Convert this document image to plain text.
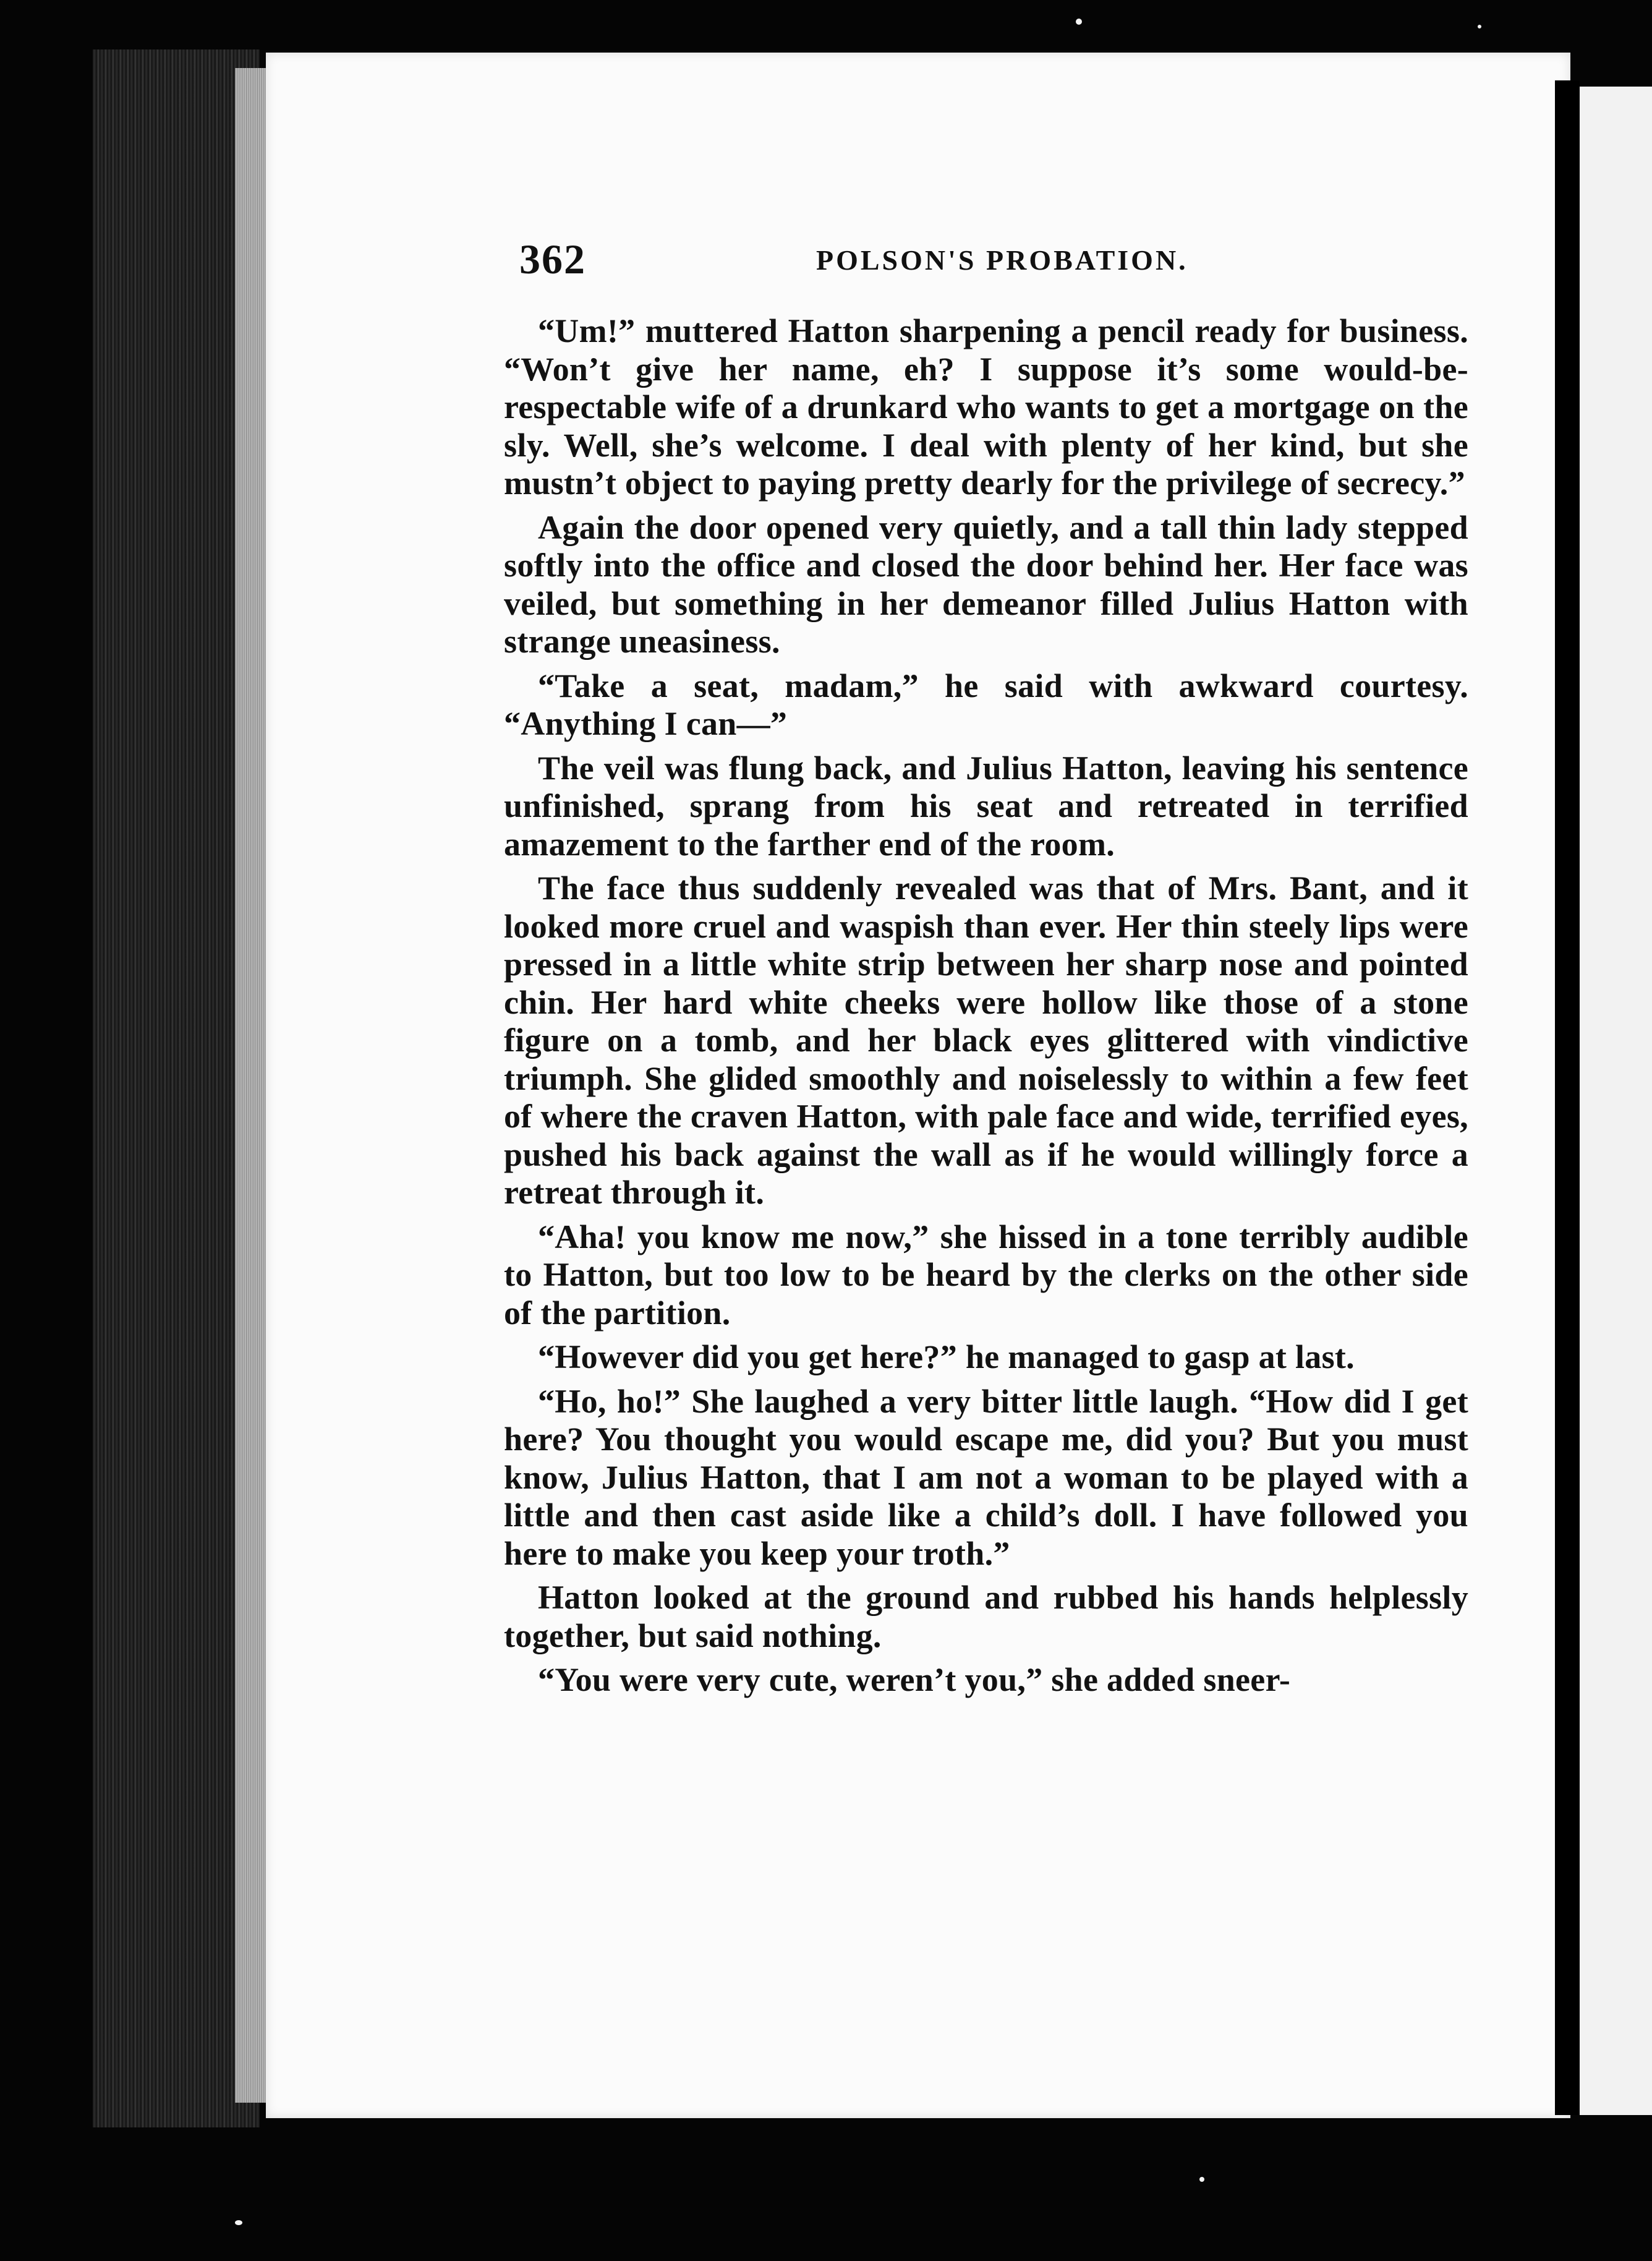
362	POLSON'S PROBATION.

“Um!” muttered Hatton sharpening a pencil ready for business. “Won’t give her name, eh? I suppose it’s some would-be-respectable wife of a drunkard who wants to get a mortgage on the sly. Well, she’s welcome. I deal with plenty of her kind, but she mustn’t object to paying pretty dearly for the privilege of secrecy.”

Again the door opened very quietly, and a tall thin lady stepped softly into the office and closed the door behind her. Her face was veiled, but something in her demeanor filled Julius Hatton with strange uneasiness.

“Take a seat, madam,” he said with awkward courtesy. “Anything I can—”

The veil was flung back, and Julius Hatton, leaving his sentence unfinished, sprang from his seat and retreated in terrified amazement to the farther end of the room.

The face thus suddenly revealed was that of Mrs. Bant, and it looked more cruel and waspish than ever. Her thin steely lips were pressed in a little white strip between her sharp nose and pointed chin. Her hard white cheeks were hollow like those of a stone figure on a tomb, and her black eyes glittered with vindictive triumph. She glided smoothly and noiselessly to within a few feet of where the craven Hatton, with pale face and wide, terrified eyes, pushed his back against the wall as if he would willingly force a retreat through it.

“Aha! you know me now,” she hissed in a tone terribly audible to Hatton, but too low to be heard by the clerks on the other side of the partition.

“However did you get here?” he managed to gasp at last.

“Ho, ho!” She laughed a very bitter little laugh. “How did I get here? You thought you would escape me, did you? But you must know, Julius Hatton, that I am not a woman to be played with a little and then cast aside like a child’s doll. I have followed you here to make you keep your troth.”

Hatton looked at the ground and rubbed his hands helplessly together, but said nothing.

“You were very cute, weren’t you,” she added sneer-
